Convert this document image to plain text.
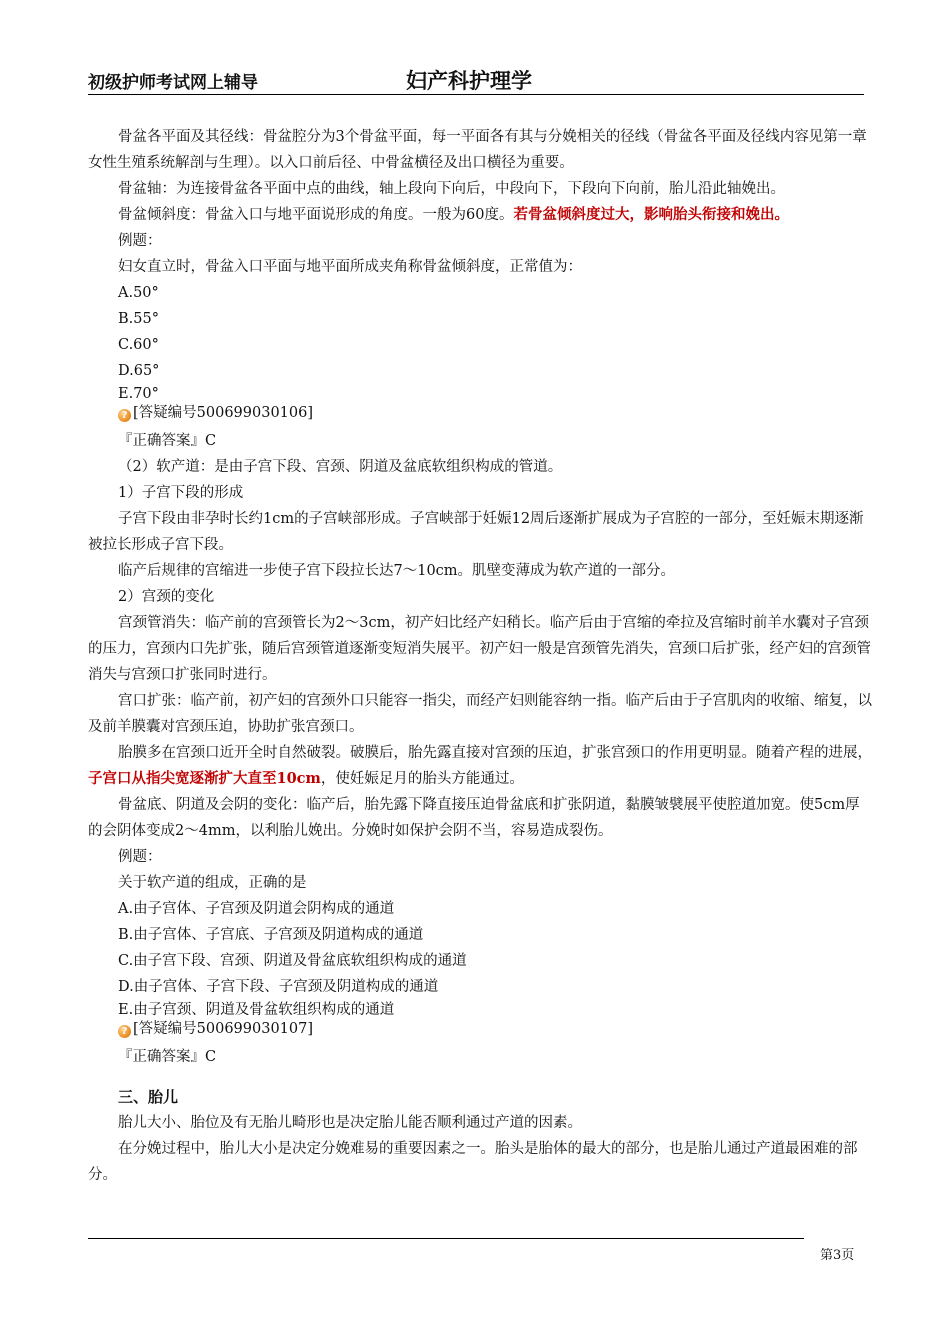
初级护师考试网上辅导	妇产科护理学

骨盆各平面及其径线：骨盆腔分为3个骨盆平面，每一平面各有其与分娩相关的径线（骨盆各平面及径线内容见第一章女性生殖系统解剖与生理）。以入口前后径、中骨盆横径及出口横径为重要。

骨盆轴：为连接骨盆各平面中点的曲线，轴上段向下向后，中段向下，下段向下向前，胎儿沿此轴娩出。

骨盆倾斜度：骨盆入口与地平面说形成的角度。一般为60度。若骨盆倾斜度过大，影响胎头衔接和娩出。

例题：

妇女直立时，骨盆入口平面与地平面所成夹角称骨盆倾斜度，正常值为：

A.50°

B.55°

C.60°

D.65°

E.70°

? [答疑编号500699030106]

『正确答案』C

（2）软产道：是由子宫下段、宫颈、阴道及盆底软组织构成的管道。

1）子宫下段的形成

子宫下段由非孕时长约1cm的子宫峡部形成。子宫峡部于妊娠12周后逐渐扩展成为子宫腔的一部分，至妊娠末期逐渐被拉长形成子宫下段。

临产后规律的宫缩进一步使子宫下段拉长达7～10cm。肌壁变薄成为软产道的一部分。

2）宫颈的变化

宫颈管消失：临产前的宫颈管长为2～3cm，初产妇比经产妇稍长。临产后由于宫缩的牵拉及宫缩时前羊水囊对子宫颈的压力，宫颈内口先扩张，随后宫颈管道逐渐变短消失展平。初产妇一般是宫颈管先消失，宫颈口后扩张，经产妇的宫颈管消失与宫颈口扩张同时进行。

宫口扩张：临产前，初产妇的宫颈外口只能容一指尖，而经产妇则能容纳一指。临产后由于子宫肌肉的收缩、缩复，以及前羊膜囊对宫颈压迫，协助扩张宫颈口。

胎膜多在宫颈口近开全时自然破裂。破膜后，胎先露直接对宫颈的压迫，扩张宫颈口的作用更明显。随着产程的进展，子宫口从指尖宽逐渐扩大直至10cm，使妊娠足月的胎头方能通过。

骨盆底、阴道及会阴的变化：临产后，胎先露下降直接压迫骨盆底和扩张阴道，黏膜皱襞展平使腔道加宽。使5cm厚的会阴体变成2～4mm，以利胎儿娩出。分娩时如保护会阴不当，容易造成裂伤。

例题：

关于软产道的组成，正确的是

A.由子宫体、子宫颈及阴道会阴构成的通道

B.由子宫体、子宫底、子宫颈及阴道构成的通道

C.由子宫下段、宫颈、阴道及骨盆底软组织构成的通道

D.由子宫体、子宫下段、子宫颈及阴道构成的通道

E.由子宫颈、阴道及骨盆软组织构成的通道

? [答疑编号500699030107]

『正确答案』C

三、胎儿

胎儿大小、胎位及有无胎儿畸形也是决定胎儿能否顺利通过产道的因素。

在分娩过程中，胎儿大小是决定分娩难易的重要因素之一。胎头是胎体的最大的部分，也是胎儿通过产道最困难的部分。

第3页
